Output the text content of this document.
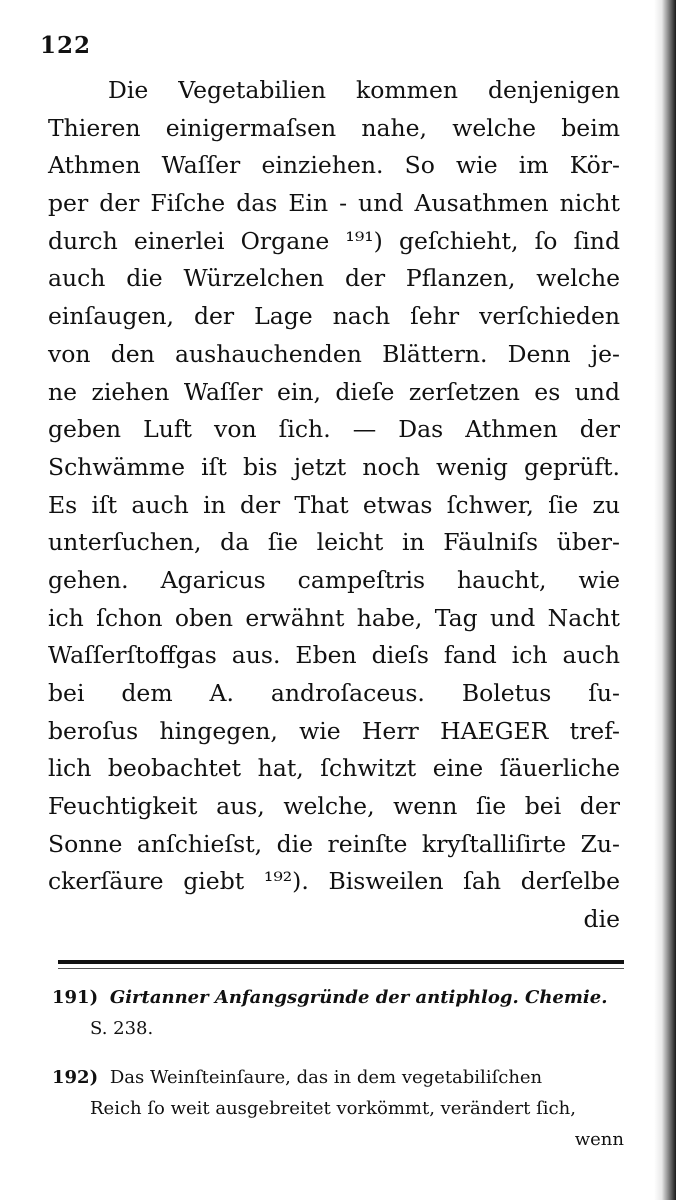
122
Die Vegetabilien kommen denjenigen
Thieren einigermaſsen nahe, welche beim
Athmen Waſſer einziehen. So wie im Kör-
per der Fiſche das Ein - und Ausathmen nicht
durch einerlei Organe ¹⁹¹) geſchieht, ſo ſind
auch die Würzelchen der Pflanzen, welche
einſaugen, der Lage nach ſehr verſchieden
von den aushauchenden Blättern. Denn je-
ne ziehen Waſſer ein, dieſe zerſetzen es und
geben Luft von ſich. — Das Athmen der
Schwämme iſt bis jetzt noch wenig geprüft.
Es iſt auch in der That etwas ſchwer, ſie zu
unterſuchen, da ſie leicht in Fäulniſs über-
gehen. Agaricus campeſtris haucht, wie
ich ſchon oben erwähnt habe, Tag und Nacht
Waſſerſtoffgas aus. Eben dieſs fand ich auch
bei dem A. androſaceus. Boletus ſu-
beroſus hingegen, wie Herr HAEGER tref-
lich beobachtet hat, ſchwitzt eine ſäuerliche
Feuchtigkeit aus, welche, wenn ſie bei der
Sonne anſchieſst, die reinſte kryſtalliſirte Zu-
ckerſäure giebt ¹⁹²). Bisweilen ſah derſelbe
die
191) Girtanner Anfangsgründe der antiphlog. Chemie.
S. 238.
192) Das Weinſteinſaure, das in dem vegetabiliſchen
Reich ſo weit ausgebreitet vorkömmt, verändert ſich,
wenn
